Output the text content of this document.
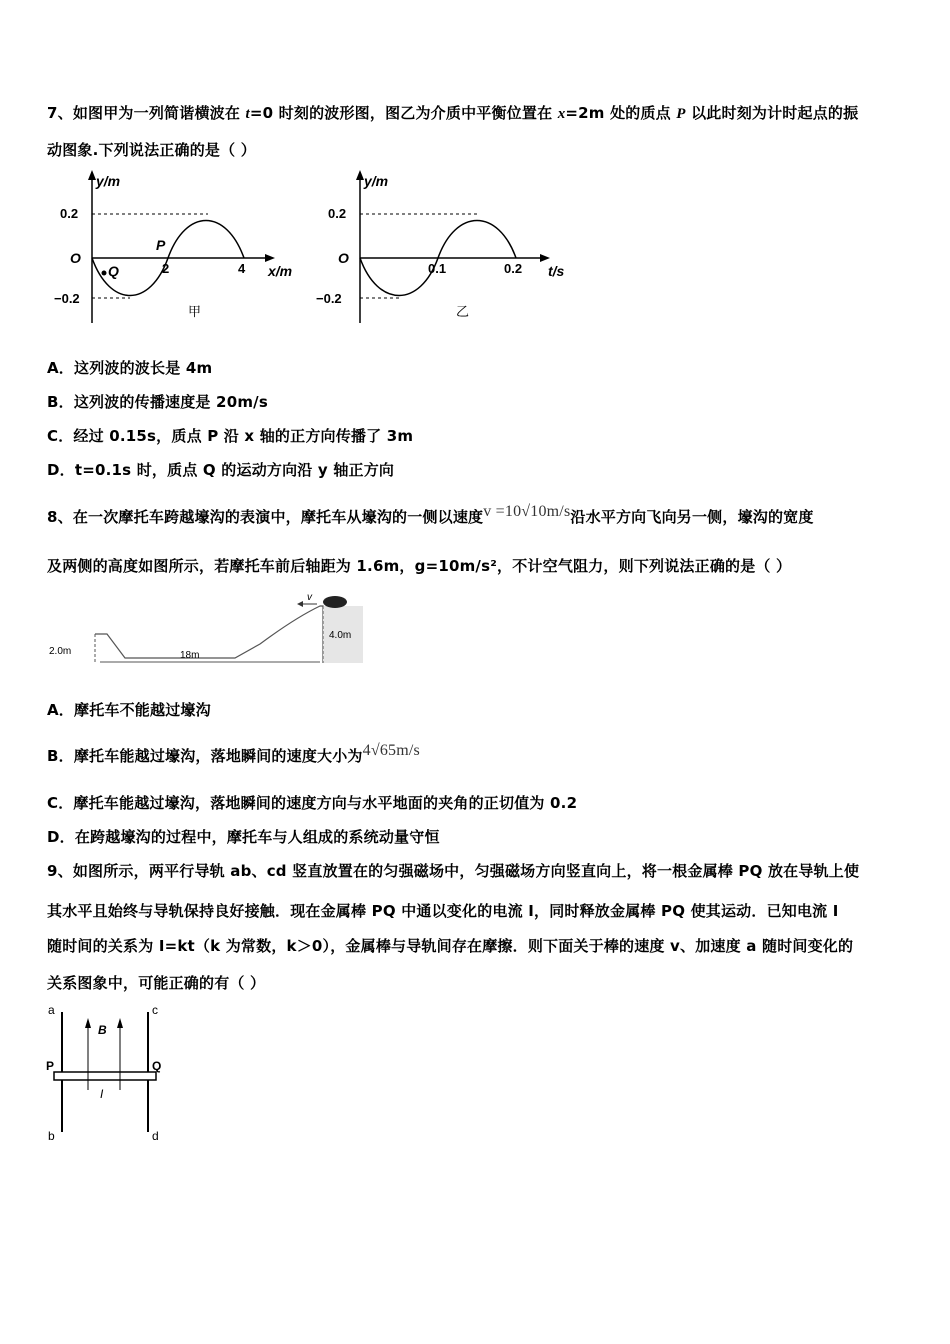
7、如图甲为一列简谐横波在 t=0 时刻的波形图，图乙为介质中平衡位置在 x=2m 处的质点 P 以此时刻为计时起点的振
动图象.下列说法正确的是（ ）
y/m
0.2
O
−0.2
2	4
P
Q	x/m
甲
y/m
0.2
O
−0.2
0.1	0.2 t/s
乙
A．这列波的波长是 4m
B．这列波的传播速度是 20m/s
C．经过 0.15s，质点 P 沿 x 轴的正方向传播了 3m
D．t=0.1s 时，质点 Q 的运动方向沿 y 轴正方向
8、在一次摩托车跨越壕沟的表演中，摩托车从壕沟的一侧以速度v =10√10m/s沿水平方向飞向另一侧，壕沟的宽度
及两侧的高度如图所示，若摩托车前后轴距为 1.6m，g=10m/s²，不计空气阻力，则下列说法正确的是（ ）
v
2.0m	18m
4.0m
A．摩托车不能越过壕沟
B．摩托车能越过壕沟，落地瞬间的速度大小为4√65m/s
C．摩托车能越过壕沟，落地瞬间的速度方向与水平地面的夹角的正切值为 0.2
D．在跨越壕沟的过程中，摩托车与人组成的系统动量守恒
9、如图所示，两平行导轨 ab、cd 竖直放置在的匀强磁场中，匀强磁场方向竖直向上，将一根金属棒 PQ 放在导轨上使
其水平且始终与导轨保持良好接触．现在金属棒 PQ 中通以变化的电流 I，同时释放金属棒 PQ 使其运动．已知电流 I
随时间的关系为 I=kt（k 为常数，k＞0），金属棒与导轨间存在摩擦．则下面关于棒的速度 v、加速度 a 随时间变化的
关系图象中，可能正确的有（ ）
a
b
c
d
P	Q
B
I
